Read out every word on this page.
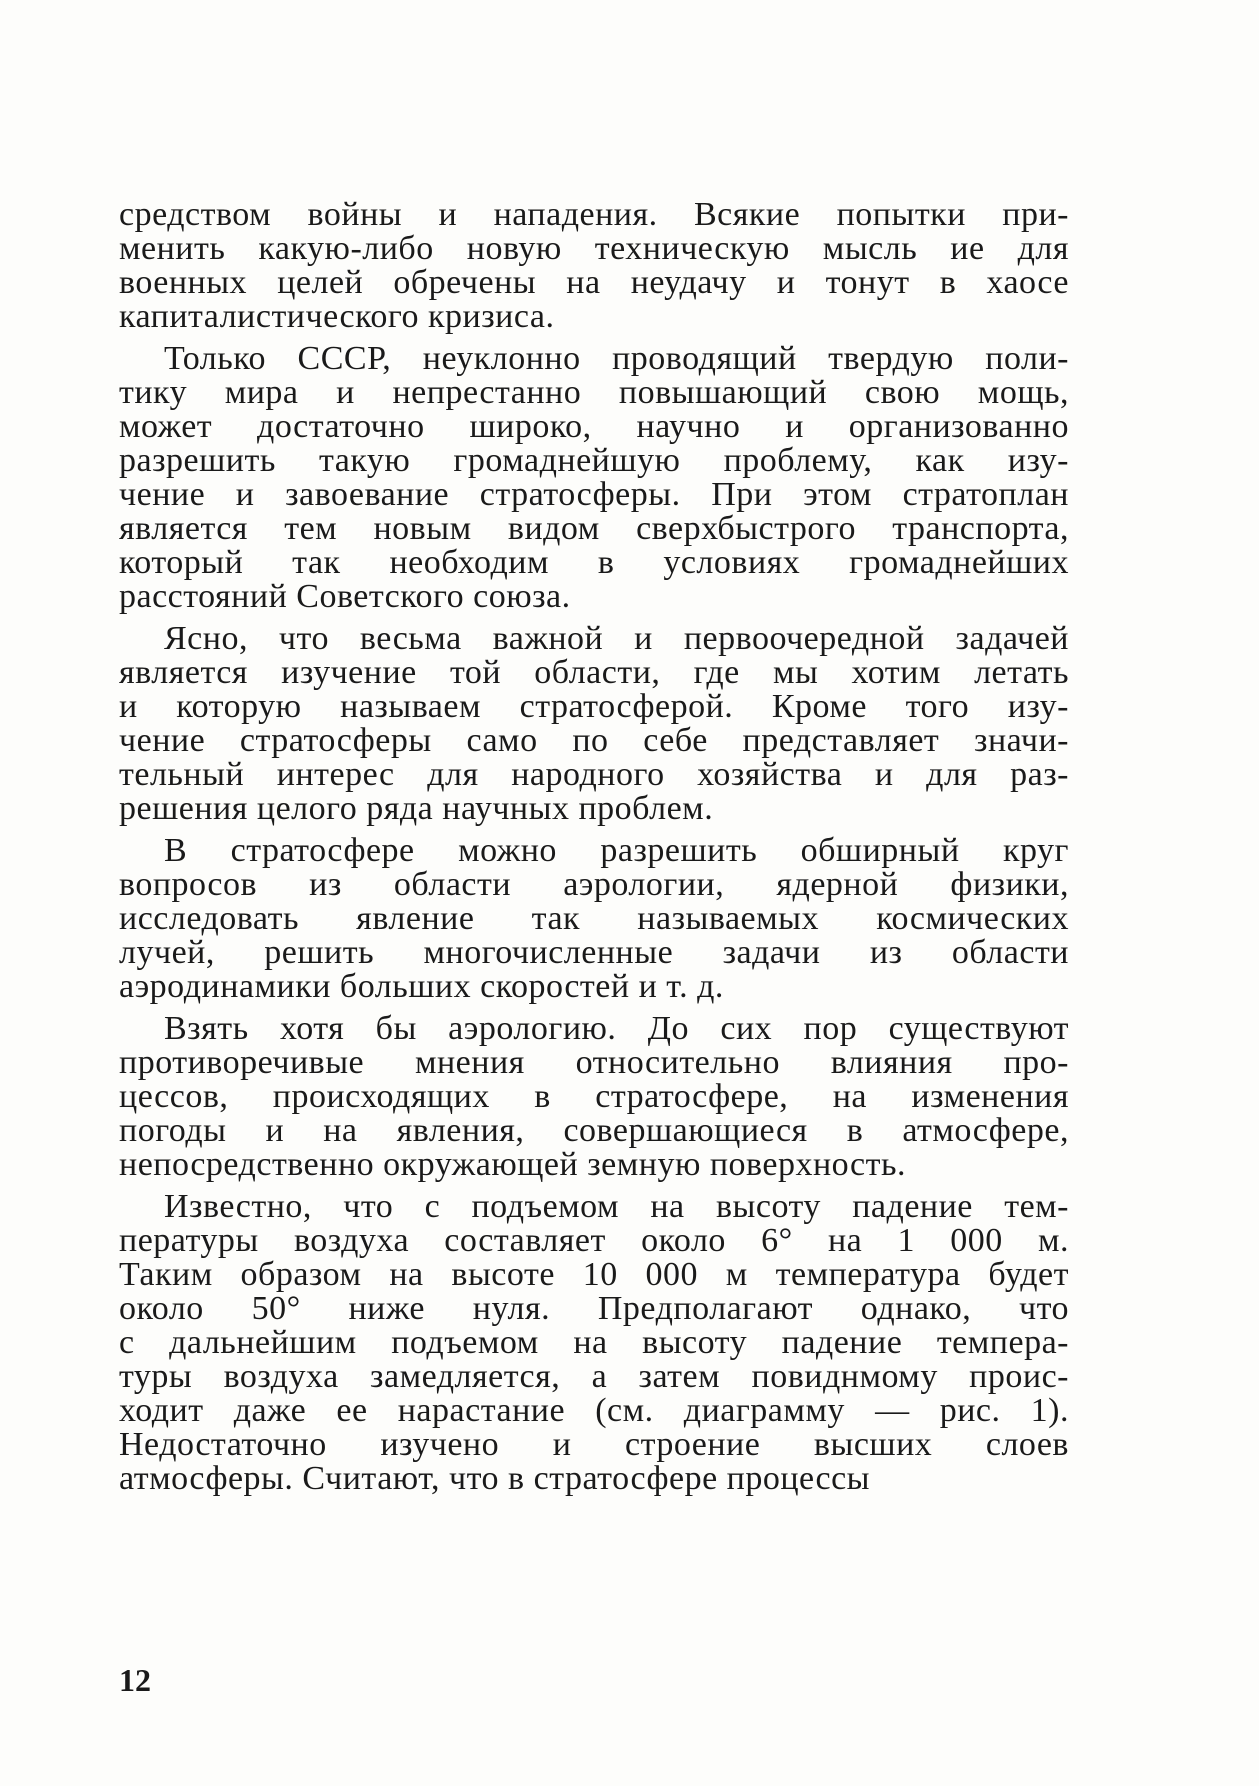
средством войны и нападения. Всякие попытки при-
менить какую-либо новую техническую мысль ие для
военных целей обречены на неудачу и тонут в хаосе
капиталистического кризиса.
Только СССР, неуклонно проводящий твердую поли-
тику мира и непрестанно повышающий свою мощь,
может достаточно широко, научно и организованно
разрешить такую громаднейшую проблему, как изу-
чение и завоевание стратосферы. При этом стратоплан
является тем новым видом сверхбыстрого транспорта,
который так необходим в условиях громаднейших
расстояний Советского союза.
Ясно, что весьма важной и первоочередной задачей
является изучение той области, где мы хотим летать
и которую называем стратосферой. Кроме того изу-
чение стратосферы само по себе представляет значи-
тельный интерес для народного хозяйства и для раз-
решения целого ряда научных проблем.
В стратосфере можно разрешить обширный круг
вопросов из области аэрологии, ядерной физики,
исследовать явление так называемых космических
лучей, решить многочисленные задачи из области
аэродинамики больших скоростей и т. д.
Взять хотя бы аэрологию. До сих пор существуют
противоречивые мнения относительно влияния про-
цессов, происходящих в стратосфере, на изменения
погоды и на явления, совершающиеся в атмосфере,
непосредственно окружающей земную поверхность.
Известно, что с подъемом на высоту падение тем-
пературы воздуха составляет около 6° на 1 000 м.
Таким образом на высоте 10 000 м температура будет
около 50° ниже нуля. Предполагают однако, что
с дальнейшим подъемом на высоту падение темпера-
туры воздуха замедляется, а затем повиднмому проис-
ходит даже ее нарастание (см. диаграмму — рис. 1).
Недостаточно изучено и строение высших слоев
атмосферы. Считают, что в стратосфере процессы
12
